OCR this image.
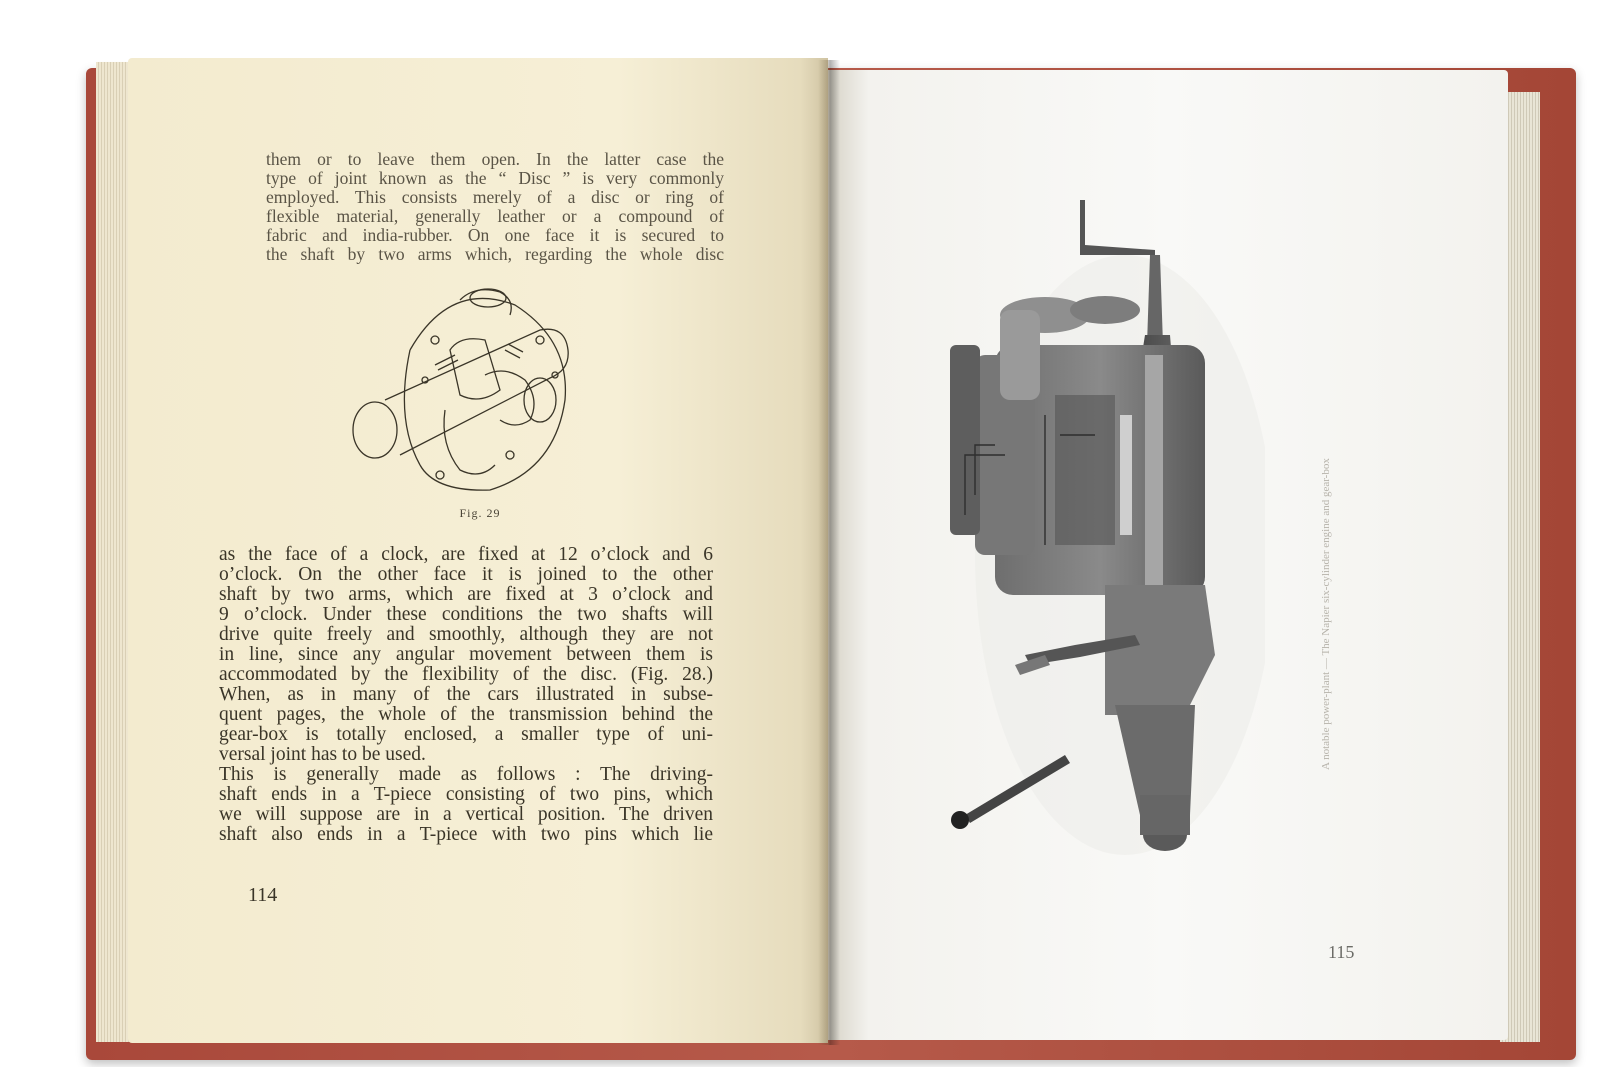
them or to leave them open. In the latter case the
type of joint known as the “ Disc ” is very commonly
employed. This consists merely of a disc or ring of
flexible material, generally leather or a compound of
fabric and india-rubber. On one face it is secured to
the shaft by two arms which, regarding the whole disc
Fig. 29
as the face of a clock, are fixed at 12 o’clock and 6
o’clock. On the other face it is joined to the other
shaft by two arms, which are fixed at 3 o’clock and
9 o’clock. Under these conditions the two shafts will
drive quite freely and smoothly, although they are not
in line, since any angular movement between them is
accommodated by the flexibility of the disc. (Fig. 28.)
When, as in many of the cars illustrated in subse-
quent pages, the whole of the transmission behind the
gear-box is totally enclosed, a smaller type of uni-
versal joint has to be used.
This is generally made as follows : The driving-
shaft ends in a T-piece consisting of two pins, which
we will suppose are in a vertical position. The driven
shaft also ends in a T-piece with two pins which lie
114
A notable power-plant — The Napier six-cylinder engine and gear-box
115
